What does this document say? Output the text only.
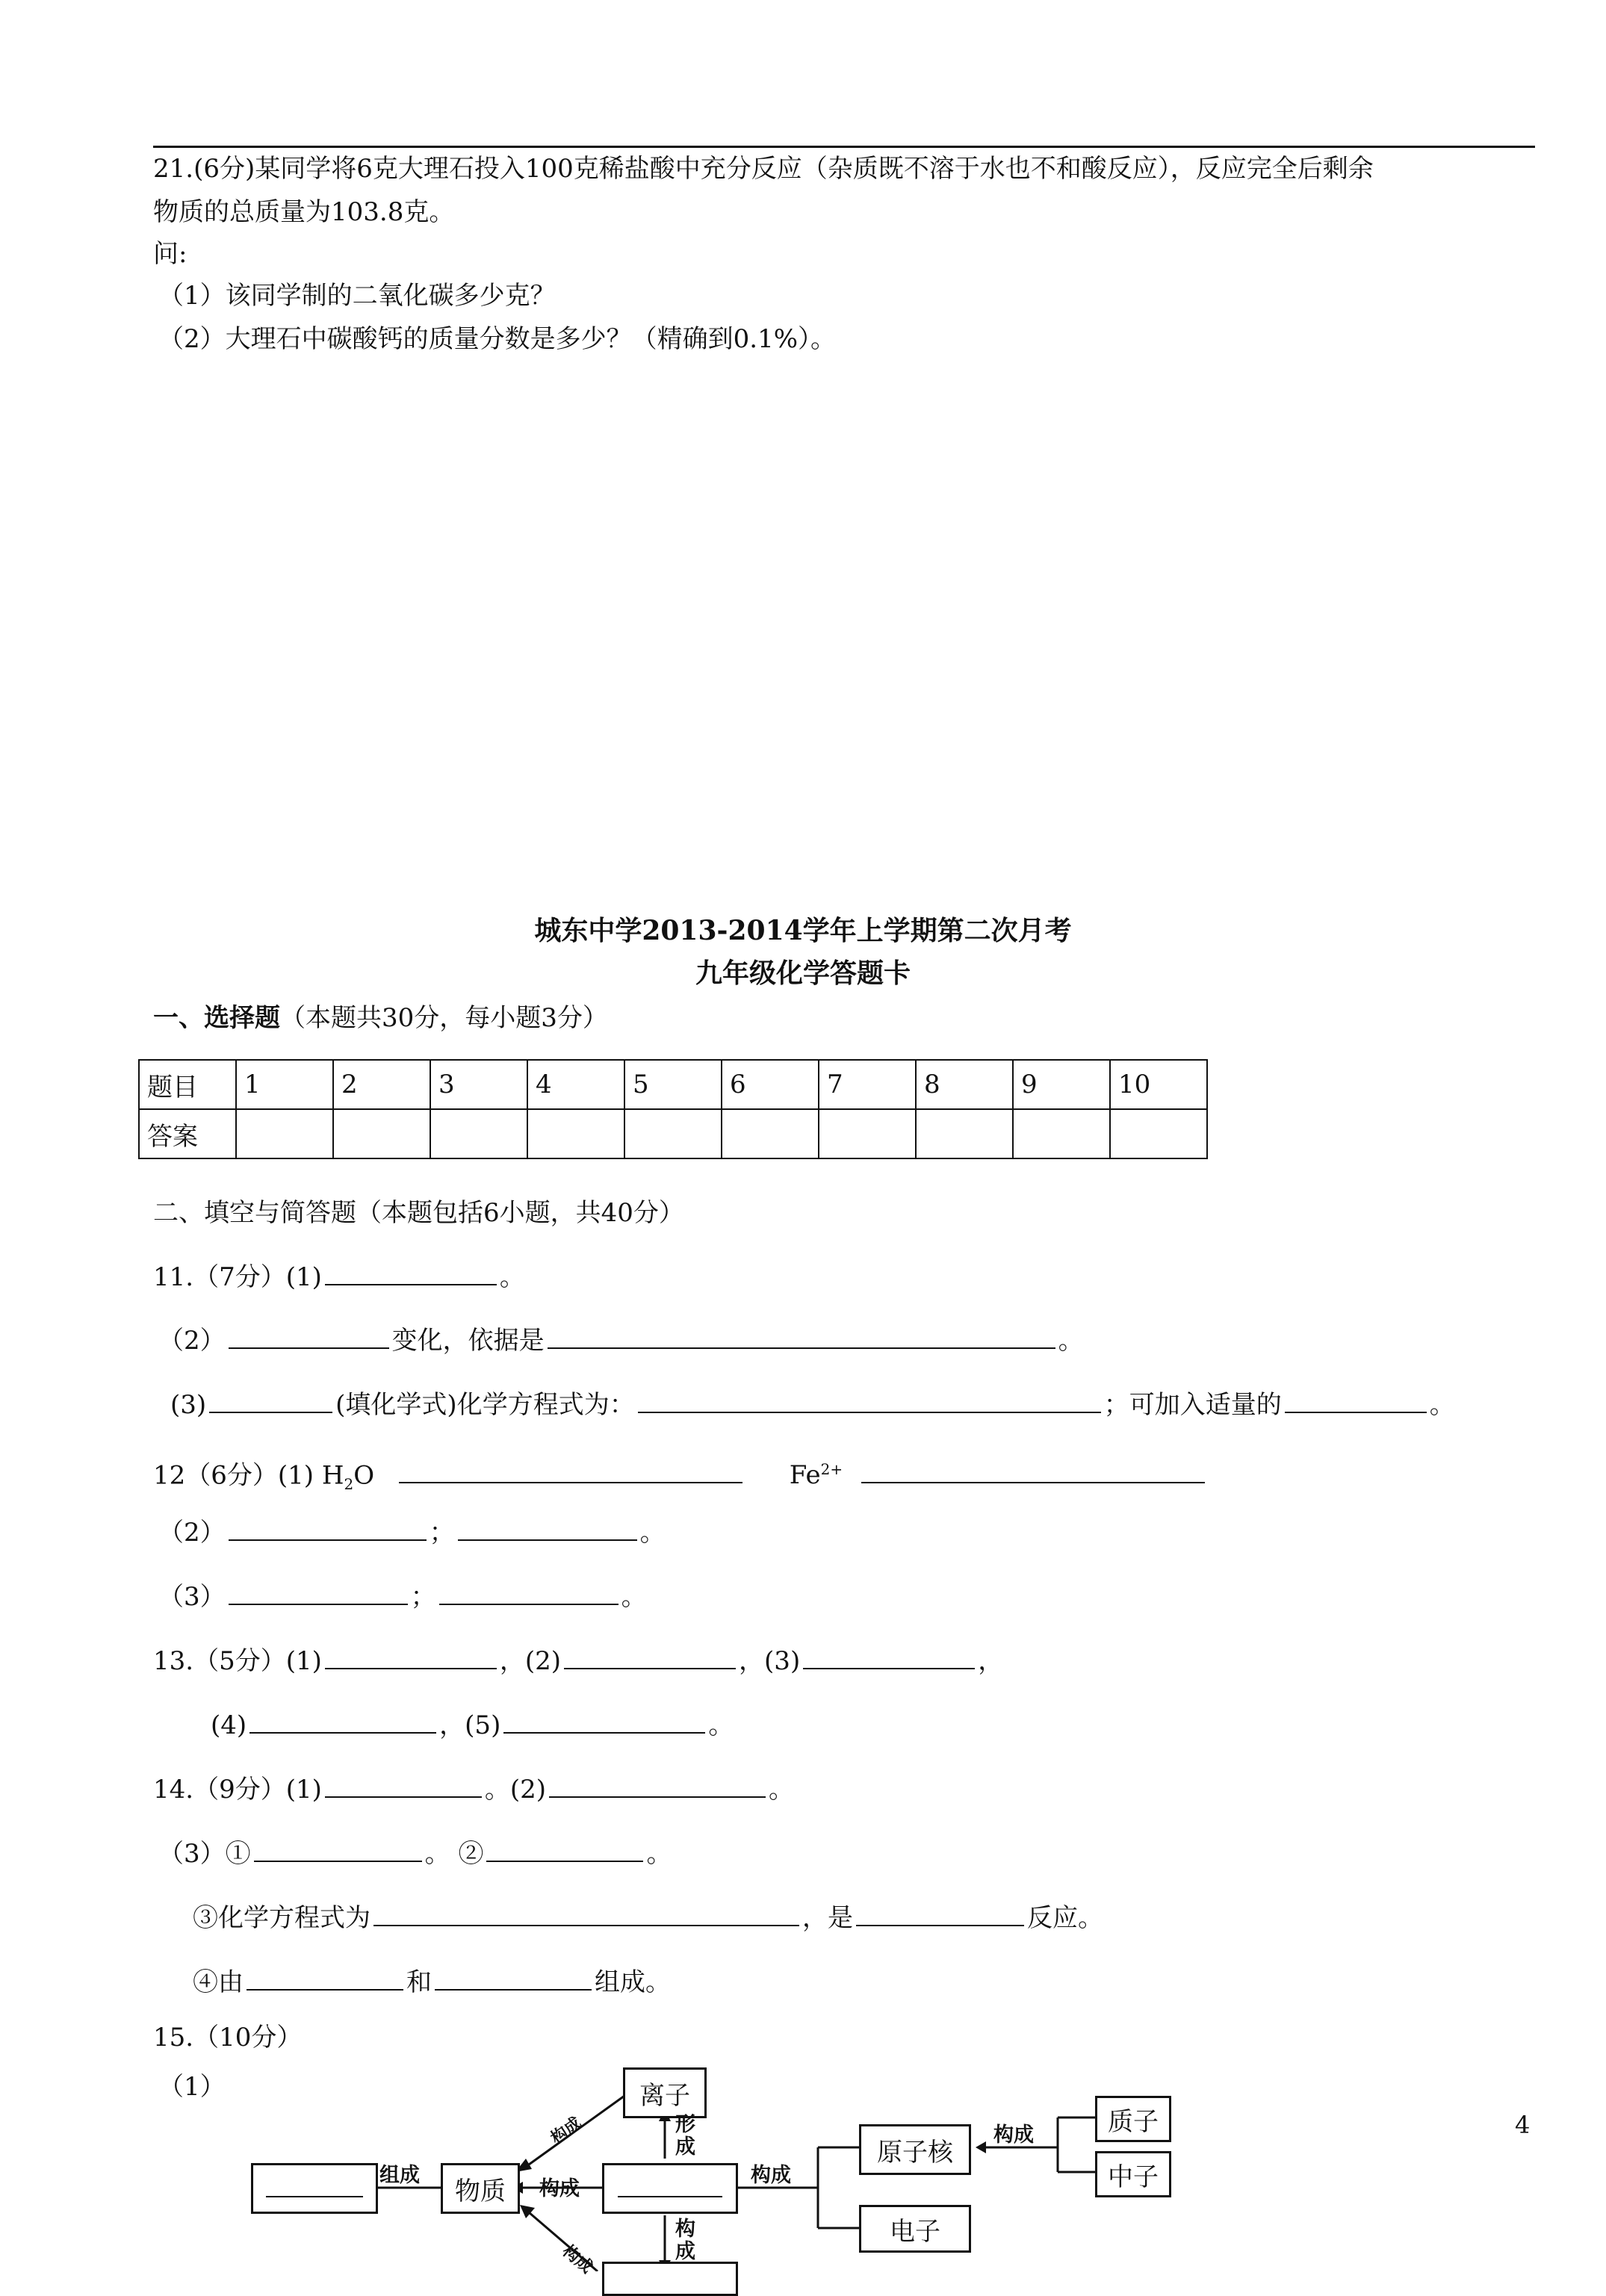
21.(6分)某同学将6克大理石投入100克稀盐酸中充分反应（杂质既不溶于水也不和酸反应），反应完全后剩余
物质的总质量为103.8克。
问:
（1）该同学制的二氧化碳多少克？
（2）大理石中碳酸钙的质量分数是多少？（精确到0.1%）。
城东中学2013-2014学年上学期第二次月考
九年级化学答题卡
一、选择题（本题共30分，每小题3分）
题目	1	2	3	4	5	6	7	8	9	10
答案										
二、填空与简答题（本题包括6小题，共40分）
11.（7分）(1)	。
（2）	变化，依据是	。
(3)	(填化学式)化学方程式为：	；可加入适量的	。
12（6分）(1) $H_2O$	$Fe^{2+}$
（2）	；	。
（3）	；	。
13.（5分）(1)	，(2)	，(3)	，
(4)	，(5)	。
14.（9分）(1)	。(2)	。
（3）①	。 ②	。
③化学方程式为	，是	反应。
④由	和	组成。
15.（10分）
（1）
物质
离子
原子核
电子
质子
中子
组成
构成
构成
构成
形成
构成
构成
构成	4
